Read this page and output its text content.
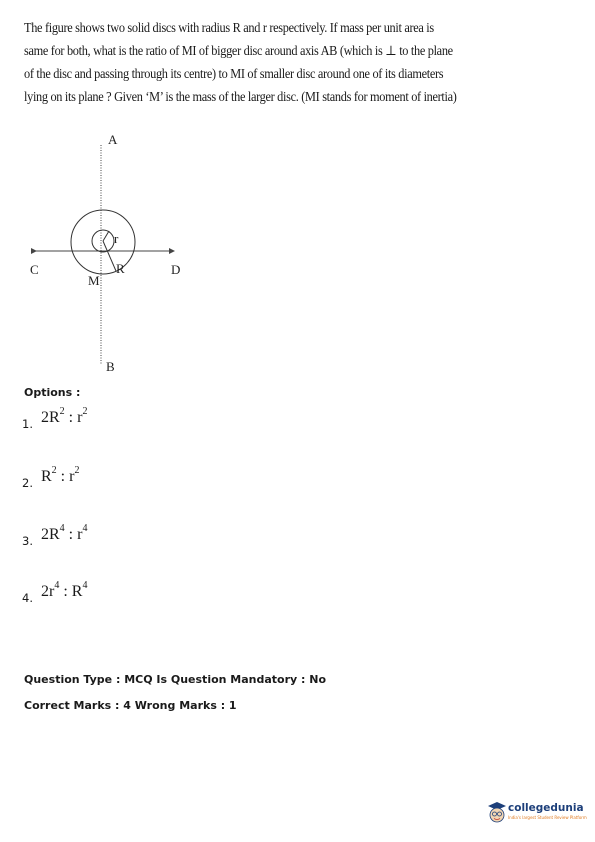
The figure shows two solid discs with radius R and r respectively. If mass per unit area is
same for both, what is the ratio of MI of bigger disc around axis AB (which is ⊥ to the plane
of the disc and passing through its centre) to MI of smaller disc around one of its diameters
lying on its plane ? Given ‘M’ is the mass of the larger disc. (MI stands for moment of inertia)
A
B
C	D
M
r
R
Options :
$_{1.}$ $2R^2$ : $r^2$
$_{2.}$ $R^2$ : $r^2$
$_{3.}$ $2R^4$ : $r^4$
$_{4.}$ $2r^4$ : $R^4$
Question Type : MCQ Is Question Mandatory : No
Correct Marks : 4 Wrong Marks : 1
collegedunia
India's largest Student Review Platform
